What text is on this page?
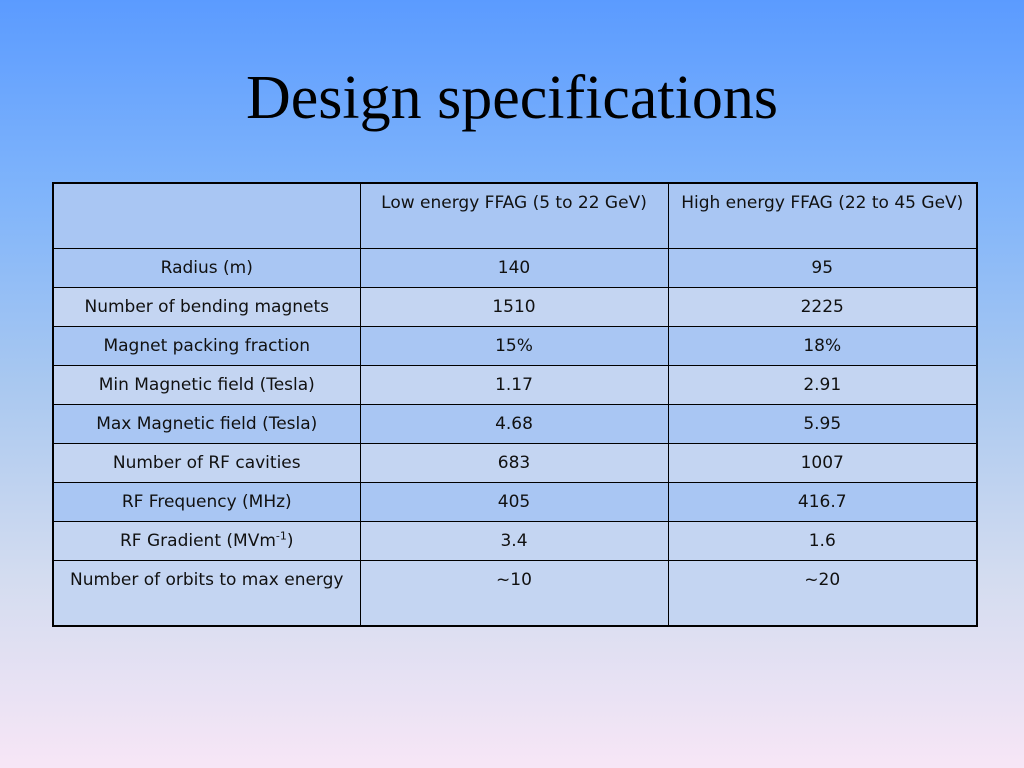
Design specifications
	Low energy FFAG (5 to 22 GeV)	High energy FFAG (22 to 45 GeV)
Radius (m)	140	95
Number of bending magnets	1510	2225
Magnet packing fraction	15%	18%
Min Magnetic field (Tesla)	1.17	2.91
Max Magnetic field (Tesla)	4.68	5.95
Number of RF cavities	683	1007
RF Frequency (MHz)	405	416.7
RF Gradient (MVm$^{-1}$)	3.4	1.6
Number of orbits to max energy	~10	~20
